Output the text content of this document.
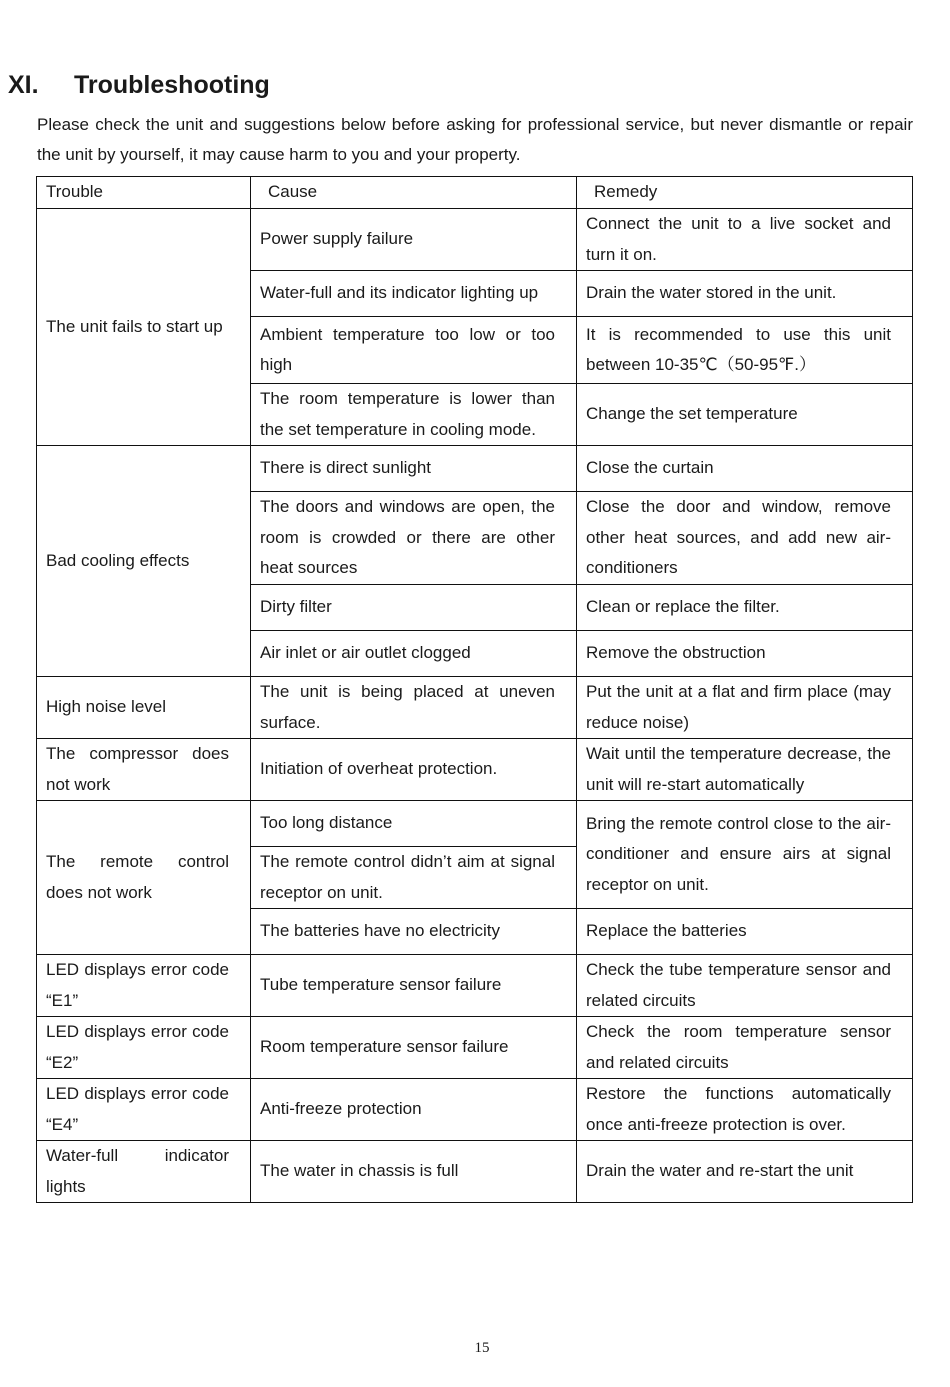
XI. Troubleshooting

Please check the unit and suggestions below before asking for professional service, but never dismantle or repair the unit by yourself, it may cause harm to you and your property.

Trouble	Cause	Remedy
The unit fails to start up	Power supply failure	Connect the unit to a live socket and turn it on.
	Water-full and its indicator lighting up	Drain the water stored in the unit.
	Ambient temperature too low or too high	It is recommended to use this unit between 10-35℃（50-95℉.）
	The room temperature is lower than the set temperature in cooling mode.	Change the set temperature
Bad cooling effects	There is direct sunlight	Close the curtain
	The doors and windows are open, the room is crowded or there are other heat sources	Close the door and window, remove other heat sources, and add new air-conditioners
	Dirty filter	Clean or replace the filter.
	Air inlet or air outlet clogged	Remove the obstruction
High noise level	The unit is being placed at uneven surface.	Put the unit at a flat and firm place (may reduce noise)
The compressor does not work	Initiation of overheat protection.	Wait until the temperature decrease, the unit will re-start automatically
The remote control does not work	Too long distance	Bring the remote control close to the air-conditioner and ensure airs at signal receptor on unit.
	The remote control didn’t aim at signal receptor on unit.	
	The batteries have no electricity	Replace the batteries
LED displays error code “E1”	Tube temperature sensor failure	Check the tube temperature sensor and related circuits
LED displays error code “E2”	Room temperature sensor failure	Check the room temperature sensor and related circuits
LED displays error code “E4”	Anti-freeze protection	Restore the functions automatically once anti-freeze protection is over.
Water-full indicator lights	The water in chassis is full	Drain the water and re-start the unit

15
